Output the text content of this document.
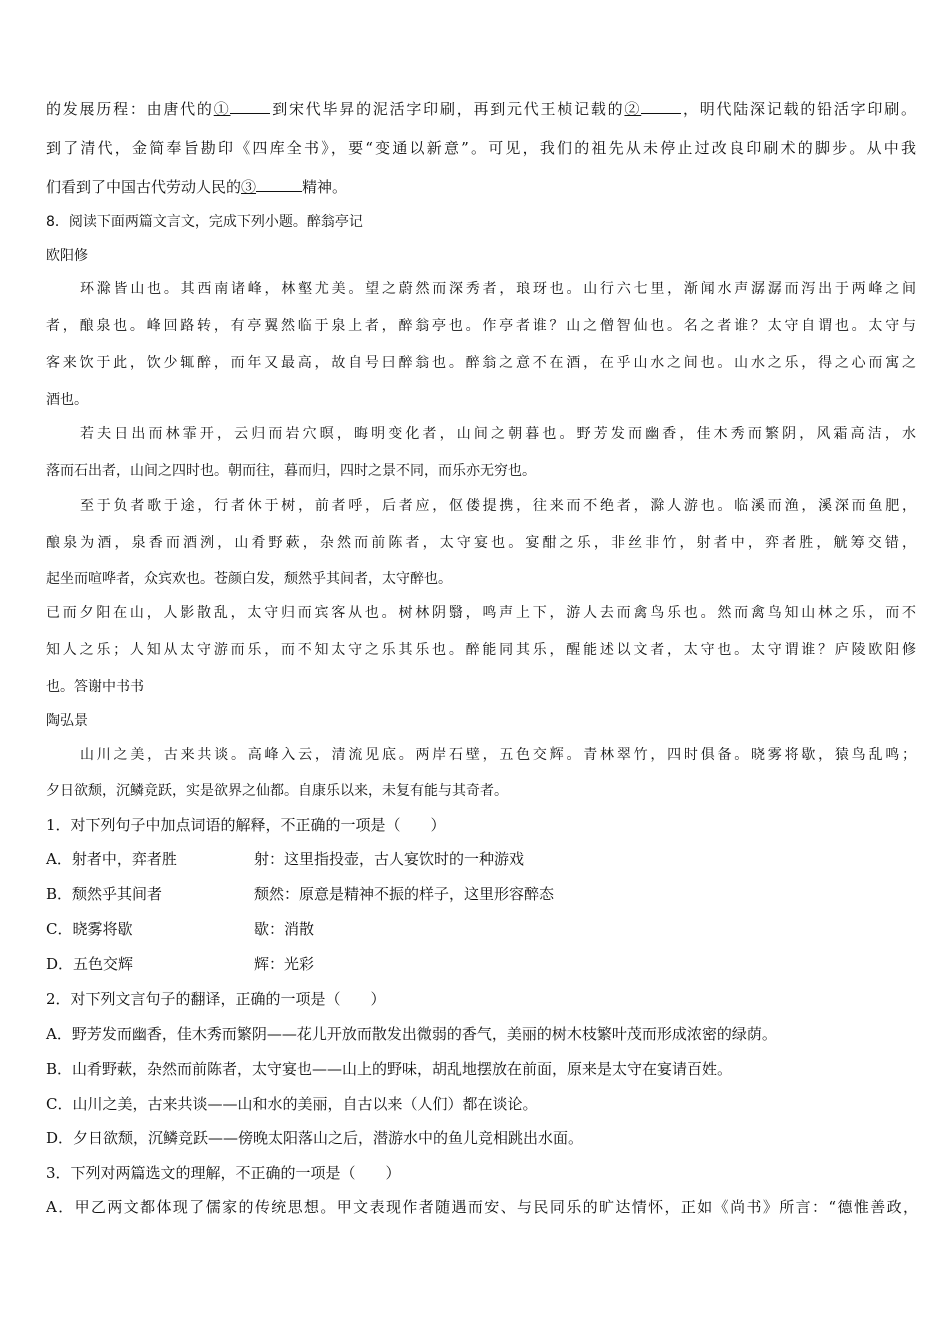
的发展历程：由唐代的①	到宋代毕昇的泥活字印刷，再到元代王桢记载的②	，明代陆深记载的铅活字印刷。
到了清代，金简奉旨勘印《四库全书》，要“变通以新意”。可见，我们的祖先从未停止过改良印刷术的脚步。从中我
们看到了中国古代劳动人民的③	精神。
8．阅读下面两篇文言文，完成下列小题。醉翁亭记
欧阳修
环滁皆山也。其西南诸峰，林壑尤美。望之蔚然而深秀者，琅玡也。山行六七里，渐闻水声潺潺而泻出于两峰之间
者，酿泉也。峰回路转，有亭翼然临于泉上者，醉翁亭也。作亭者谁？山之僧智仙也。名之者谁？太守自谓也。太守与
客来饮于此，饮少辄醉，而年又最高，故自号曰醉翁也。醉翁之意不在酒，在乎山水之间也。山水之乐，得之心而寓之
酒也。
若夫日出而林霏开，云归而岩穴暝，晦明变化者，山间之朝暮也。野芳发而幽香，佳木秀而繁阴，风霜高洁，水
落而石出者，山间之四时也。朝而往，暮而归，四时之景不同，而乐亦无穷也。
至于负者歌于途，行者休于树，前者呼，后者应，伛偻提携，往来而不绝者，滁人游也。临溪而渔，溪深而鱼肥，
酿泉为酒，泉香而酒洌，山肴野蔌，杂然而前陈者，太守宴也。宴酣之乐，非丝非竹，射者中，弈者胜，觥筹交错，
起坐而喧哗者，众宾欢也。苍颜白发，颓然乎其间者，太守醉也。
已而夕阳在山，人影散乱，太守归而宾客从也。树林阴翳，鸣声上下，游人去而禽鸟乐也。然而禽鸟知山林之乐，而不
知人之乐；人知从太守游而乐，而不知太守之乐其乐也。醉能同其乐，醒能述以文者，太守也。太守谓谁？庐陵欧阳修
也。答谢中书书
陶弘景
山川之美，古来共谈。高峰入云，清流见底。两岸石壁，五色交辉。青林翠竹，四时俱备。晓雾将歇，猿鸟乱鸣；
夕日欲颓，沉鳞竞跃，实是欲界之仙都。自康乐以来，未复有能与其奇者。
1．对下列句子中加点词语的解释，不正确的一项是（　　）
A．射者中，弈者胜	射：这里指投壶，古人宴饮时的一种游戏
B．颓然乎其间者	颓然：原意是精神不振的样子，这里形容醉态
C．晓雾将歇	歇：消散
D．五色交辉	辉：光彩
2．对下列文言句子的翻译，正确的一项是（　　）
A．野芳发而幽香，佳木秀而繁阴——花儿开放而散发出微弱的香气，美丽的树木枝繁叶茂而形成浓密的绿荫。
B．山肴野蔌，杂然而前陈者，太守宴也——山上的野味，胡乱地摆放在前面，原来是太守在宴请百姓。
C．山川之美，古来共谈——山和水的美丽，自古以来（人们）都在谈论。
D．夕日欲颓，沉鳞竞跃——傍晚太阳落山之后，潜游水中的鱼儿竞相跳出水面。
3．下列对两篇选文的理解，不正确的一项是（　　）
A．甲乙两文都体现了儒家的传统思想。甲文表现作者随遇而安、与民同乐的旷达情怀，正如《尚书》所言：“德惟善政，
